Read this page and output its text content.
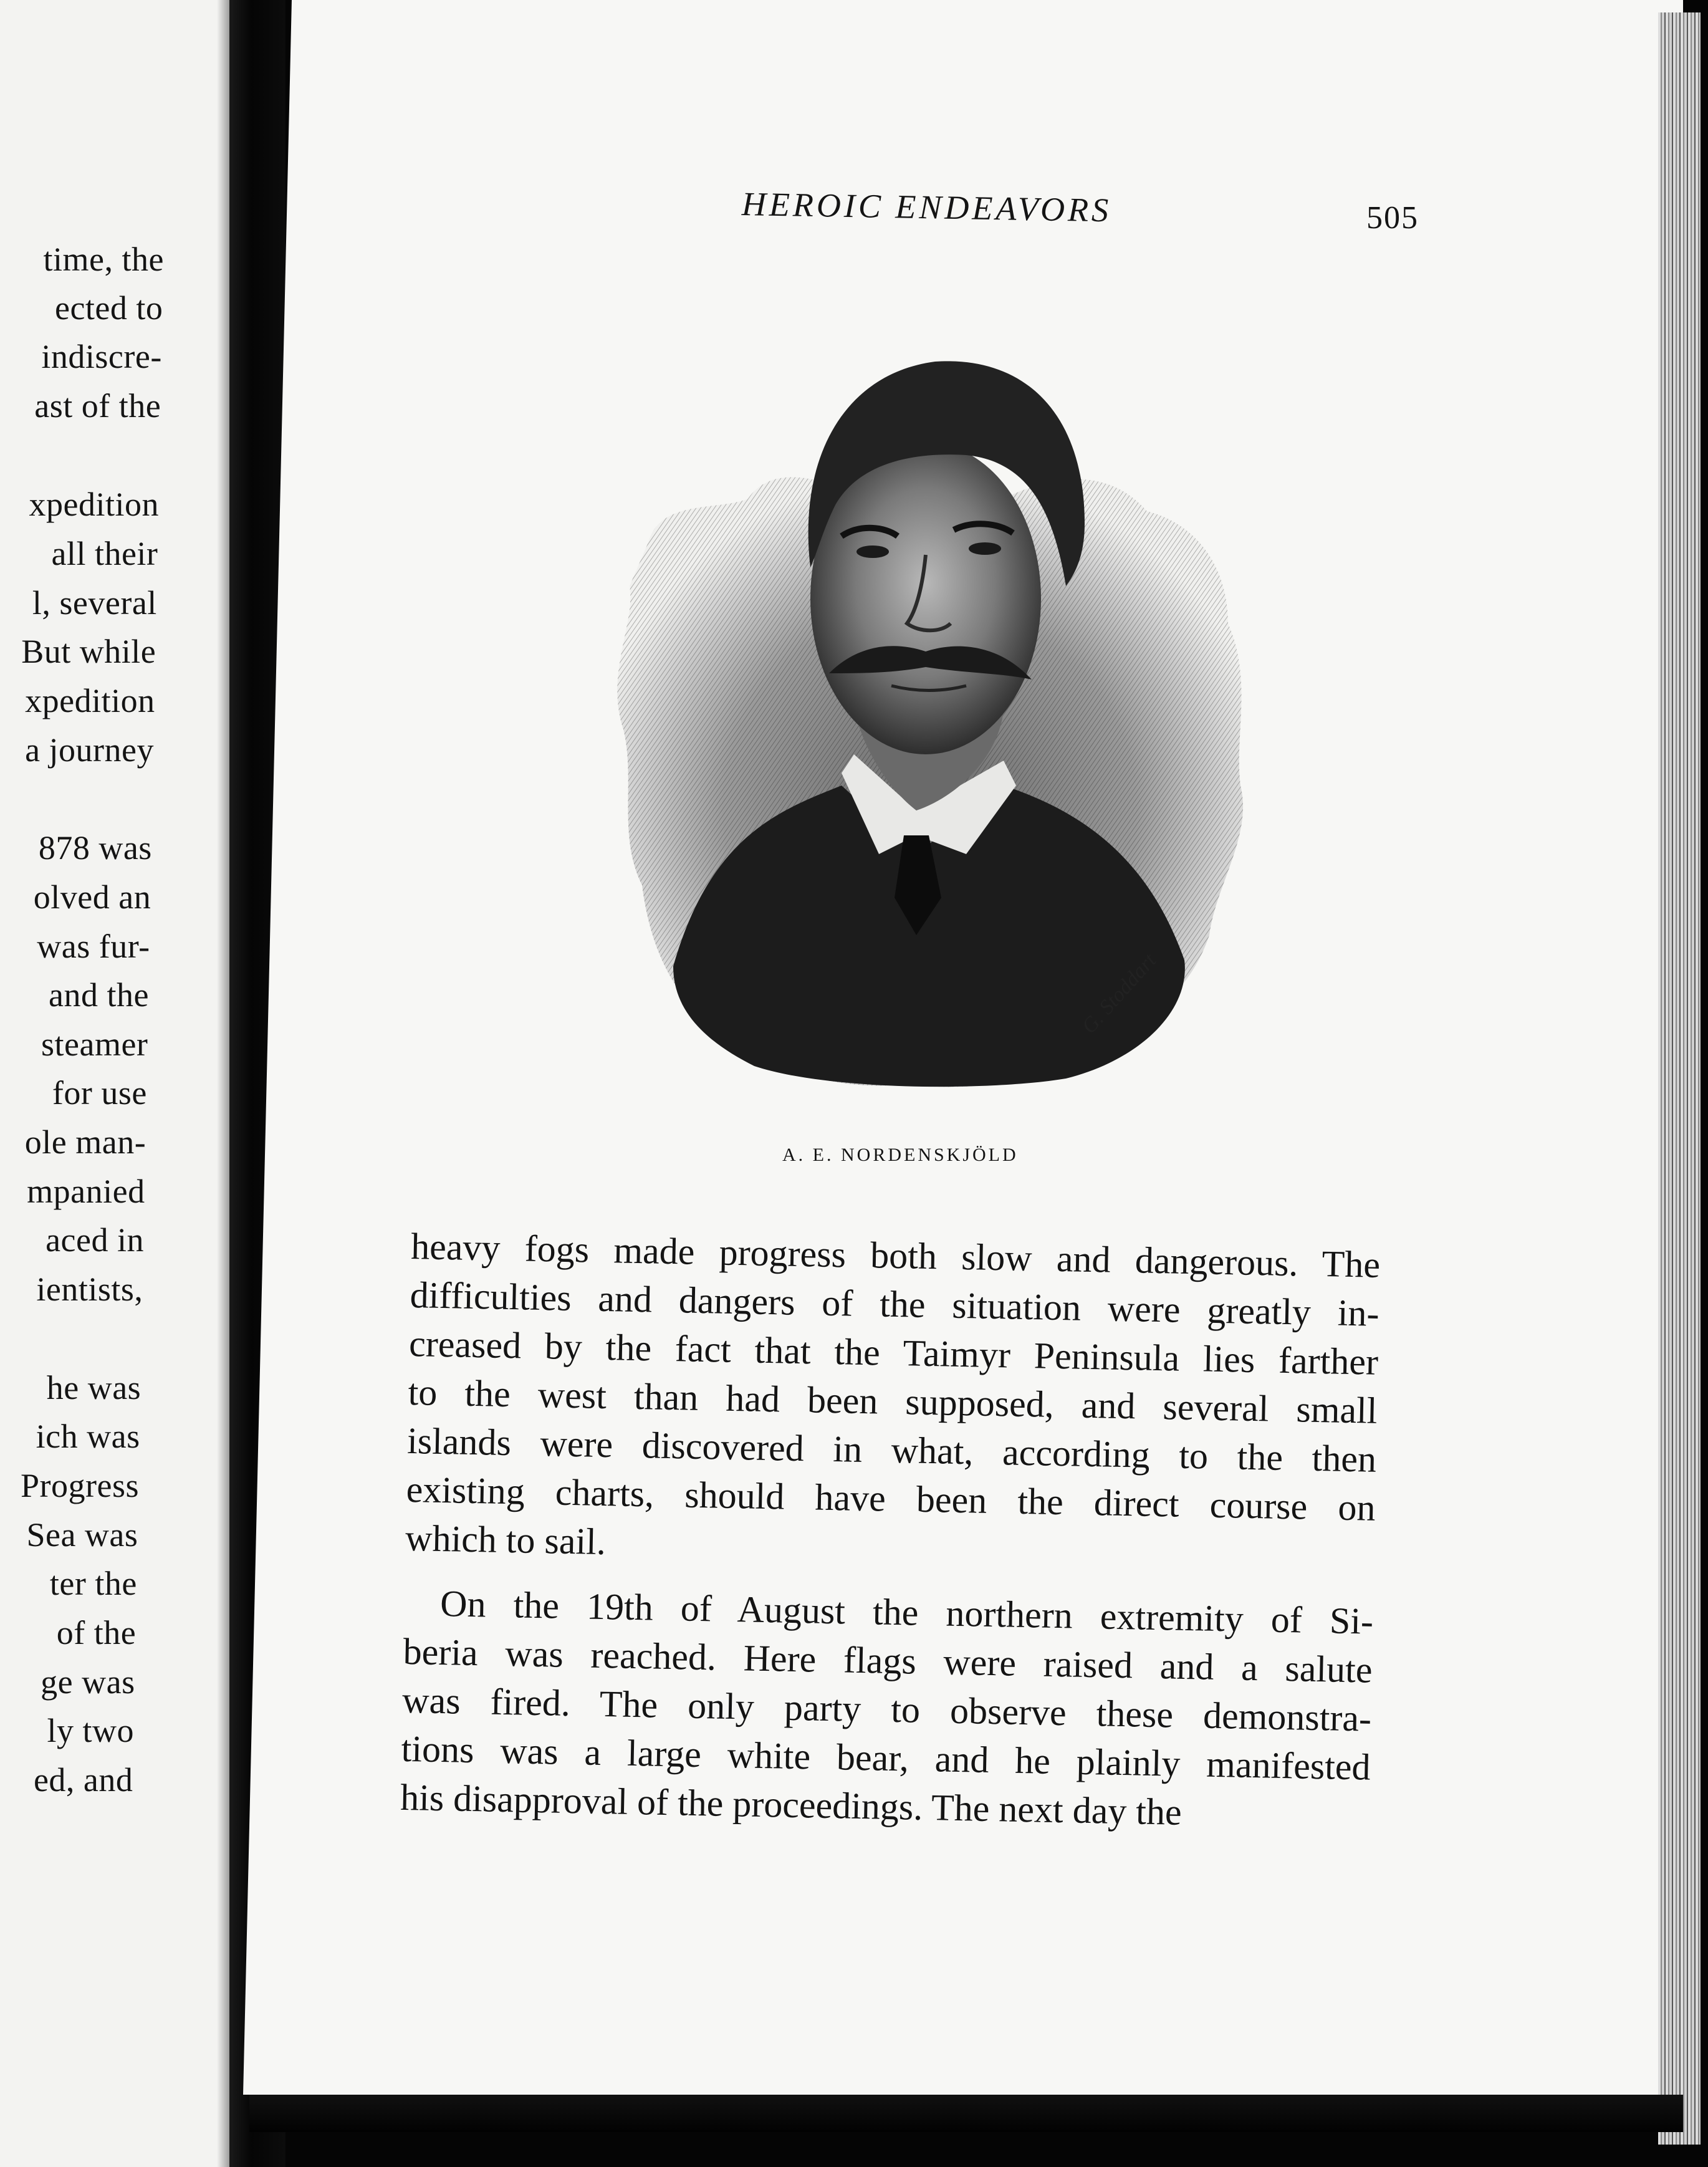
time, the
ected to
indiscre-
ast of the
xpedition
all their
l, several
But while
xpedition
a journey
878 was
olved an
was fur-
and the
steamer
for use
ole man-
mpanied
aced in
ientists,
he was
ich was
Progress
Sea was
ter the
of the
ge was
ly two
ed, and
HEROIC ENDEAVORS	505
G. Stoddart
A. E. NORDENSKJÖLD
heavy fogs made progress both slow and dangerous. The
difficulties and dangers of the situation were greatly in-
creased by the fact that the Taimyr Peninsula lies farther
to the west than had been supposed, and several small
islands were discovered in what, according to the then
existing charts, should have been the direct course on
which to sail.
On the 19th of August the northern extremity of Si-
beria was reached. Here flags were raised and a salute
was fired. The only party to observe these demonstra-
tions was a large white bear, and he plainly manifested
his disapproval of the proceedings. The next day the
